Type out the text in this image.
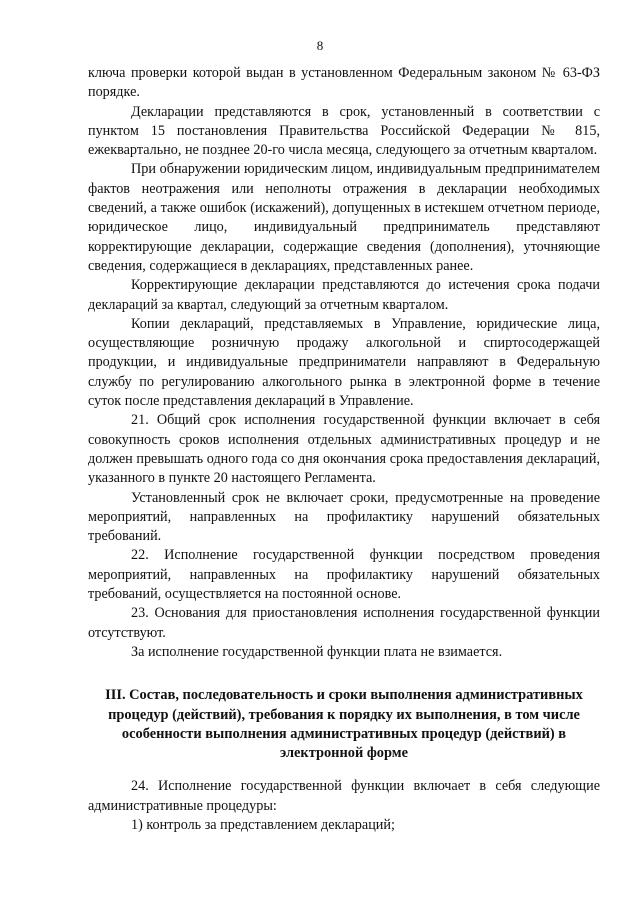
8

ключа проверки которой выдан в установленном Федеральным законом № 63-ФЗ порядке.

Декларации представляются в срок, установленный в соответствии с пунктом 15 постановления Правительства Российской Федерации № 815, ежеквартально, не позднее 20-го числа месяца, следующего за отчетным кварталом.

При обнаружении юридическим лицом, индивидуальным предпринимателем фактов неотражения или неполноты отражения в декларации необходимых сведений, а также ошибок (искажений), допущенных в истекшем отчетном периоде, юридическое лицо, индивидуальный предприниматель представляют корректирующие декларации, содержащие сведения (дополнения), уточняющие сведения, содержащиеся в декларациях, представленных ранее.

Корректирующие декларации представляются до истечения срока подачи деклараций за квартал, следующий за отчетным кварталом.

Копии деклараций, представляемых в Управление, юридические лица, осуществляющие розничную продажу алкогольной и спиртосодержащей продукции, и индивидуальные предприниматели направляют в Федеральную службу по регулированию алкогольного рынка в электронной форме в течение суток после представления деклараций в Управление.

21. Общий срок исполнения государственной функции включает в себя совокупность сроков исполнения отдельных административных процедур и не должен превышать одного года со дня окончания срока предоставления деклараций, указанного в пункте 20 настоящего Регламента.

Установленный срок не включает сроки, предусмотренные на проведение мероприятий, направленных на профилактику нарушений обязательных требований.

22. Исполнение государственной функции посредством проведения мероприятий, направленных на профилактику нарушений обязательных требований, осуществляется на постоянной основе.

23. Основания для приостановления исполнения государственной функции отсутствуют.

За исполнение государственной функции плата не взимается.

III. Состав, последовательность и сроки выполнения административных процедур (действий), требования к порядку их выполнения, в том числе особенности выполнения административных процедур (действий) в электронной форме

24. Исполнение государственной функции включает в себя следующие административные процедуры:

1) контроль за представлением деклараций;
